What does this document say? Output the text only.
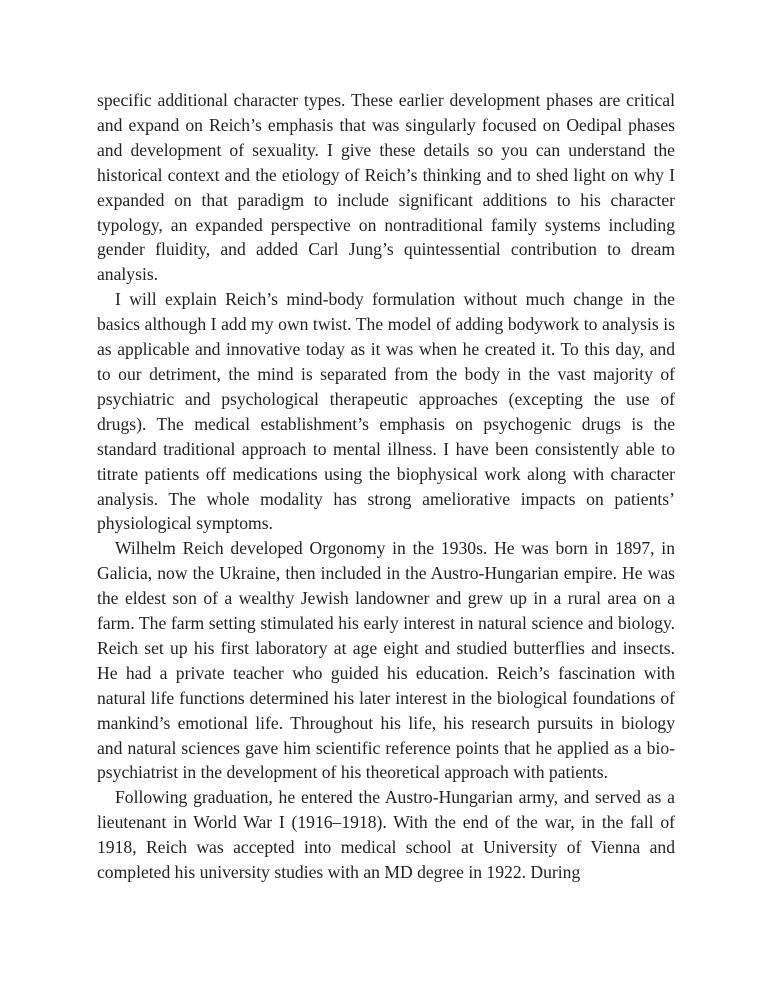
specific additional character types. These earlier development phases are critical and expand on Reich’s emphasis that was singularly focused on Oedipal phases and development of sexuality. I give these details so you can understand the historical context and the etiology of Reich’s thinking and to shed light on why I expanded on that paradigm to include significant additions to his character typology, an expanded perspective on nontraditional family systems including gender fluidity, and added Carl Jung’s quintessential contribution to dream analysis.

I will explain Reich’s mind-body formulation without much change in the basics although I add my own twist. The model of adding bodywork to analysis is as applicable and innovative today as it was when he created it. To this day, and to our detriment, the mind is separated from the body in the vast majority of psychiatric and psychological therapeutic approaches (excepting the use of drugs). The medical establishment’s emphasis on psychogenic drugs is the standard traditional approach to mental illness. I have been consistently able to titrate patients off medications using the biophysical work along with character analysis. The whole modality has strong ameliorative impacts on patients’ physiological symptoms.

Wilhelm Reich developed Orgonomy in the 1930s. He was born in 1897, in Galicia, now the Ukraine, then included in the Austro-Hungarian empire. He was the eldest son of a wealthy Jewish landowner and grew up in a rural area on a farm. The farm setting stimulated his early interest in natural science and biology. Reich set up his first laboratory at age eight and studied butterflies and insects. He had a private teacher who guided his education. Reich’s fascination with natural life functions determined his later interest in the biological foundations of mankind’s emotional life. Throughout his life, his research pursuits in biology and natural sciences gave him scientific reference points that he applied as a bio-psychiatrist in the development of his theoretical approach with patients.

Following graduation, he entered the Austro-Hungarian army, and served as a lieutenant in World War I (1916–1918). With the end of the war, in the fall of 1918, Reich was accepted into medical school at University of Vienna and completed his university studies with an MD degree in 1922. During
